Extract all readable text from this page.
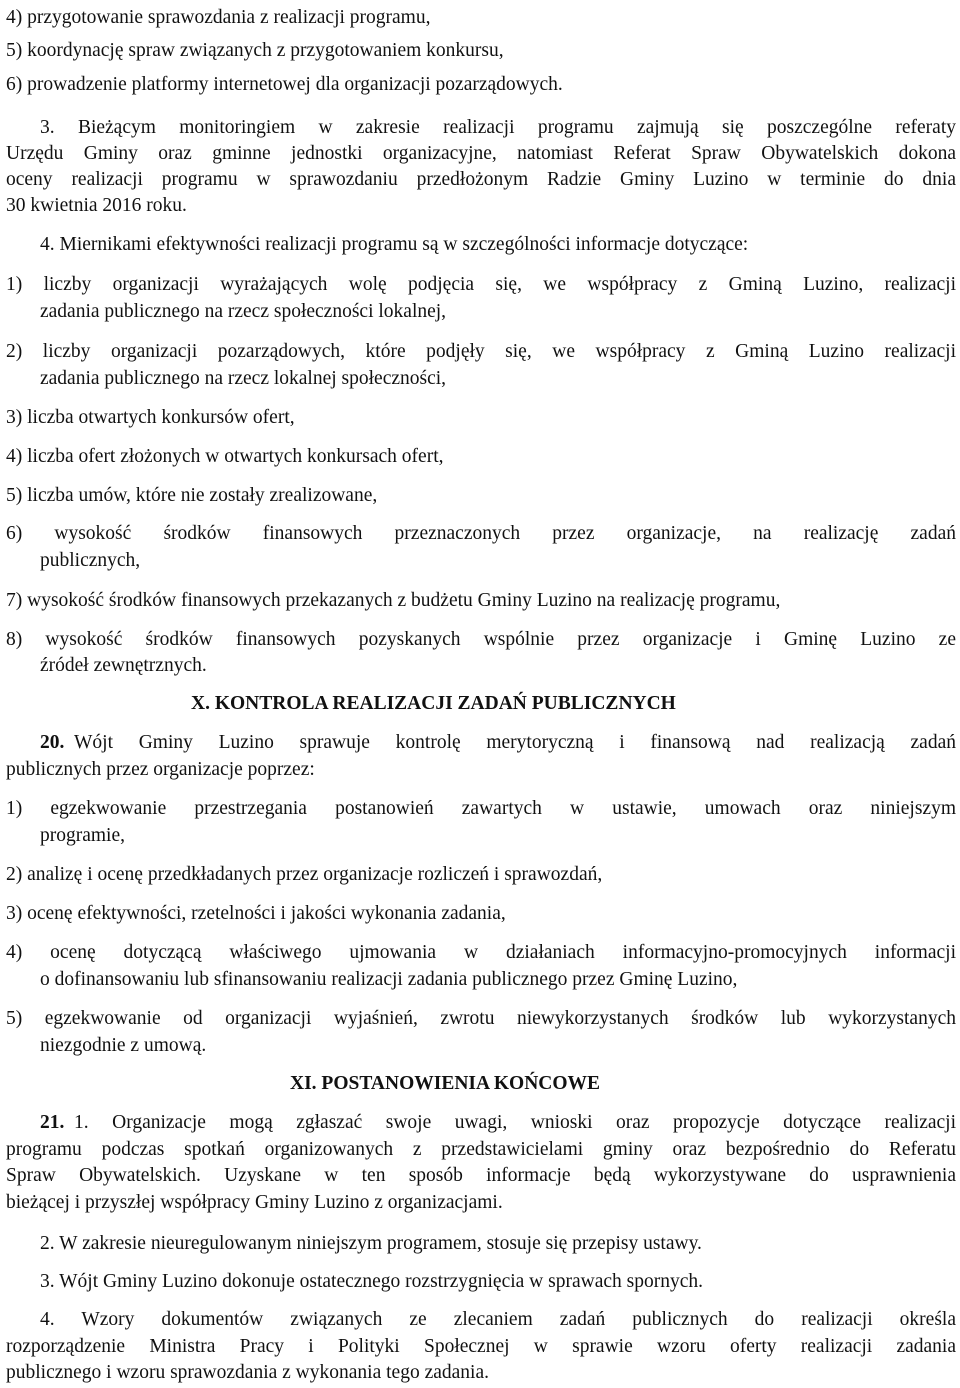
4) przygotowanie sprawozdania z realizacji programu,
5) koordynację spraw związanych z przygotowaniem konkursu,
6) prowadzenie platformy internetowej dla organizacji pozarządowych.
3. Bieżącym monitoringiem w zakresie realizacji programu zajmują się poszczególne referaty
Urzędu Gminy oraz gminne jednostki organizacyjne, natomiast Referat Spraw Obywatelskich dokona
oceny realizacji programu w sprawozdaniu przedłożonym Radzie Gminy Luzino w terminie do dnia
30 kwietnia 2016 roku.
4. Miernikami efektywności realizacji programu są w szczególności informacje dotyczące:
1) liczby organizacji wyrażających wolę podjęcia się, we współpracy z Gminą Luzino, realizacji
zadania publicznego na rzecz społeczności lokalnej,
2) liczby organizacji pozarządowych, które podjęły się, we współpracy z Gminą Luzino realizacji
zadania publicznego na rzecz lokalnej społeczności,
3) liczba otwartych konkursów ofert,
4) liczba ofert złożonych w otwartych konkursach ofert,
5) liczba umów, które nie zostały zrealizowane,
6) wysokość środków finansowych przeznaczonych przez organizacje, na realizację zadań
publicznych,
7) wysokość środków finansowych przekazanych z budżetu Gminy Luzino na realizację programu,
8) wysokość środków finansowych pozyskanych wspólnie przez organizacje i Gminę Luzino ze
źródeł zewnętrznych.
X. KONTROLA REALIZACJI ZADAŃ PUBLICZNYCH
20. Wójt Gminy Luzino sprawuje kontrolę merytoryczną i finansową nad realizacją zadań
publicznych przez organizacje poprzez:
1) egzekwowanie przestrzegania postanowień zawartych w ustawie, umowach oraz niniejszym
programie,
2) analizę i ocenę przedkładanych przez organizacje rozliczeń i sprawozdań,
3) ocenę efektywności, rzetelności i jakości wykonania zadania,
4) ocenę dotyczącą właściwego ujmowania w działaniach informacyjno-promocyjnych informacji
o dofinansowaniu lub sfinansowaniu realizacji zadania publicznego przez Gminę Luzino,
5) egzekwowanie od organizacji wyjaśnień, zwrotu niewykorzystanych środków lub wykorzystanych
niezgodnie z umową.
XI. POSTANOWIENIA KOŃCOWE
21. 1. Organizacje mogą zgłaszać swoje uwagi, wnioski oraz propozycje dotyczące realizacji
programu podczas spotkań organizowanych z przedstawicielami gminy oraz bezpośrednio do Referatu
Spraw Obywatelskich. Uzyskane w ten sposób informacje będą wykorzystywane do usprawnienia
bieżącej i przyszłej współpracy Gminy Luzino z organizacjami.
2. W zakresie nieuregulowanym niniejszym programem, stosuje się przepisy ustawy.
3. Wójt Gminy Luzino dokonuje ostatecznego rozstrzygnięcia w sprawach spornych.
4. Wzory dokumentów związanych ze zlecaniem zadań publicznych do realizacji określa
rozporządzenie Ministra Pracy i Polityki Społecznej w sprawie wzoru oferty realizacji zadania
publicznego i wzoru sprawozdania z wykonania tego zadania.
